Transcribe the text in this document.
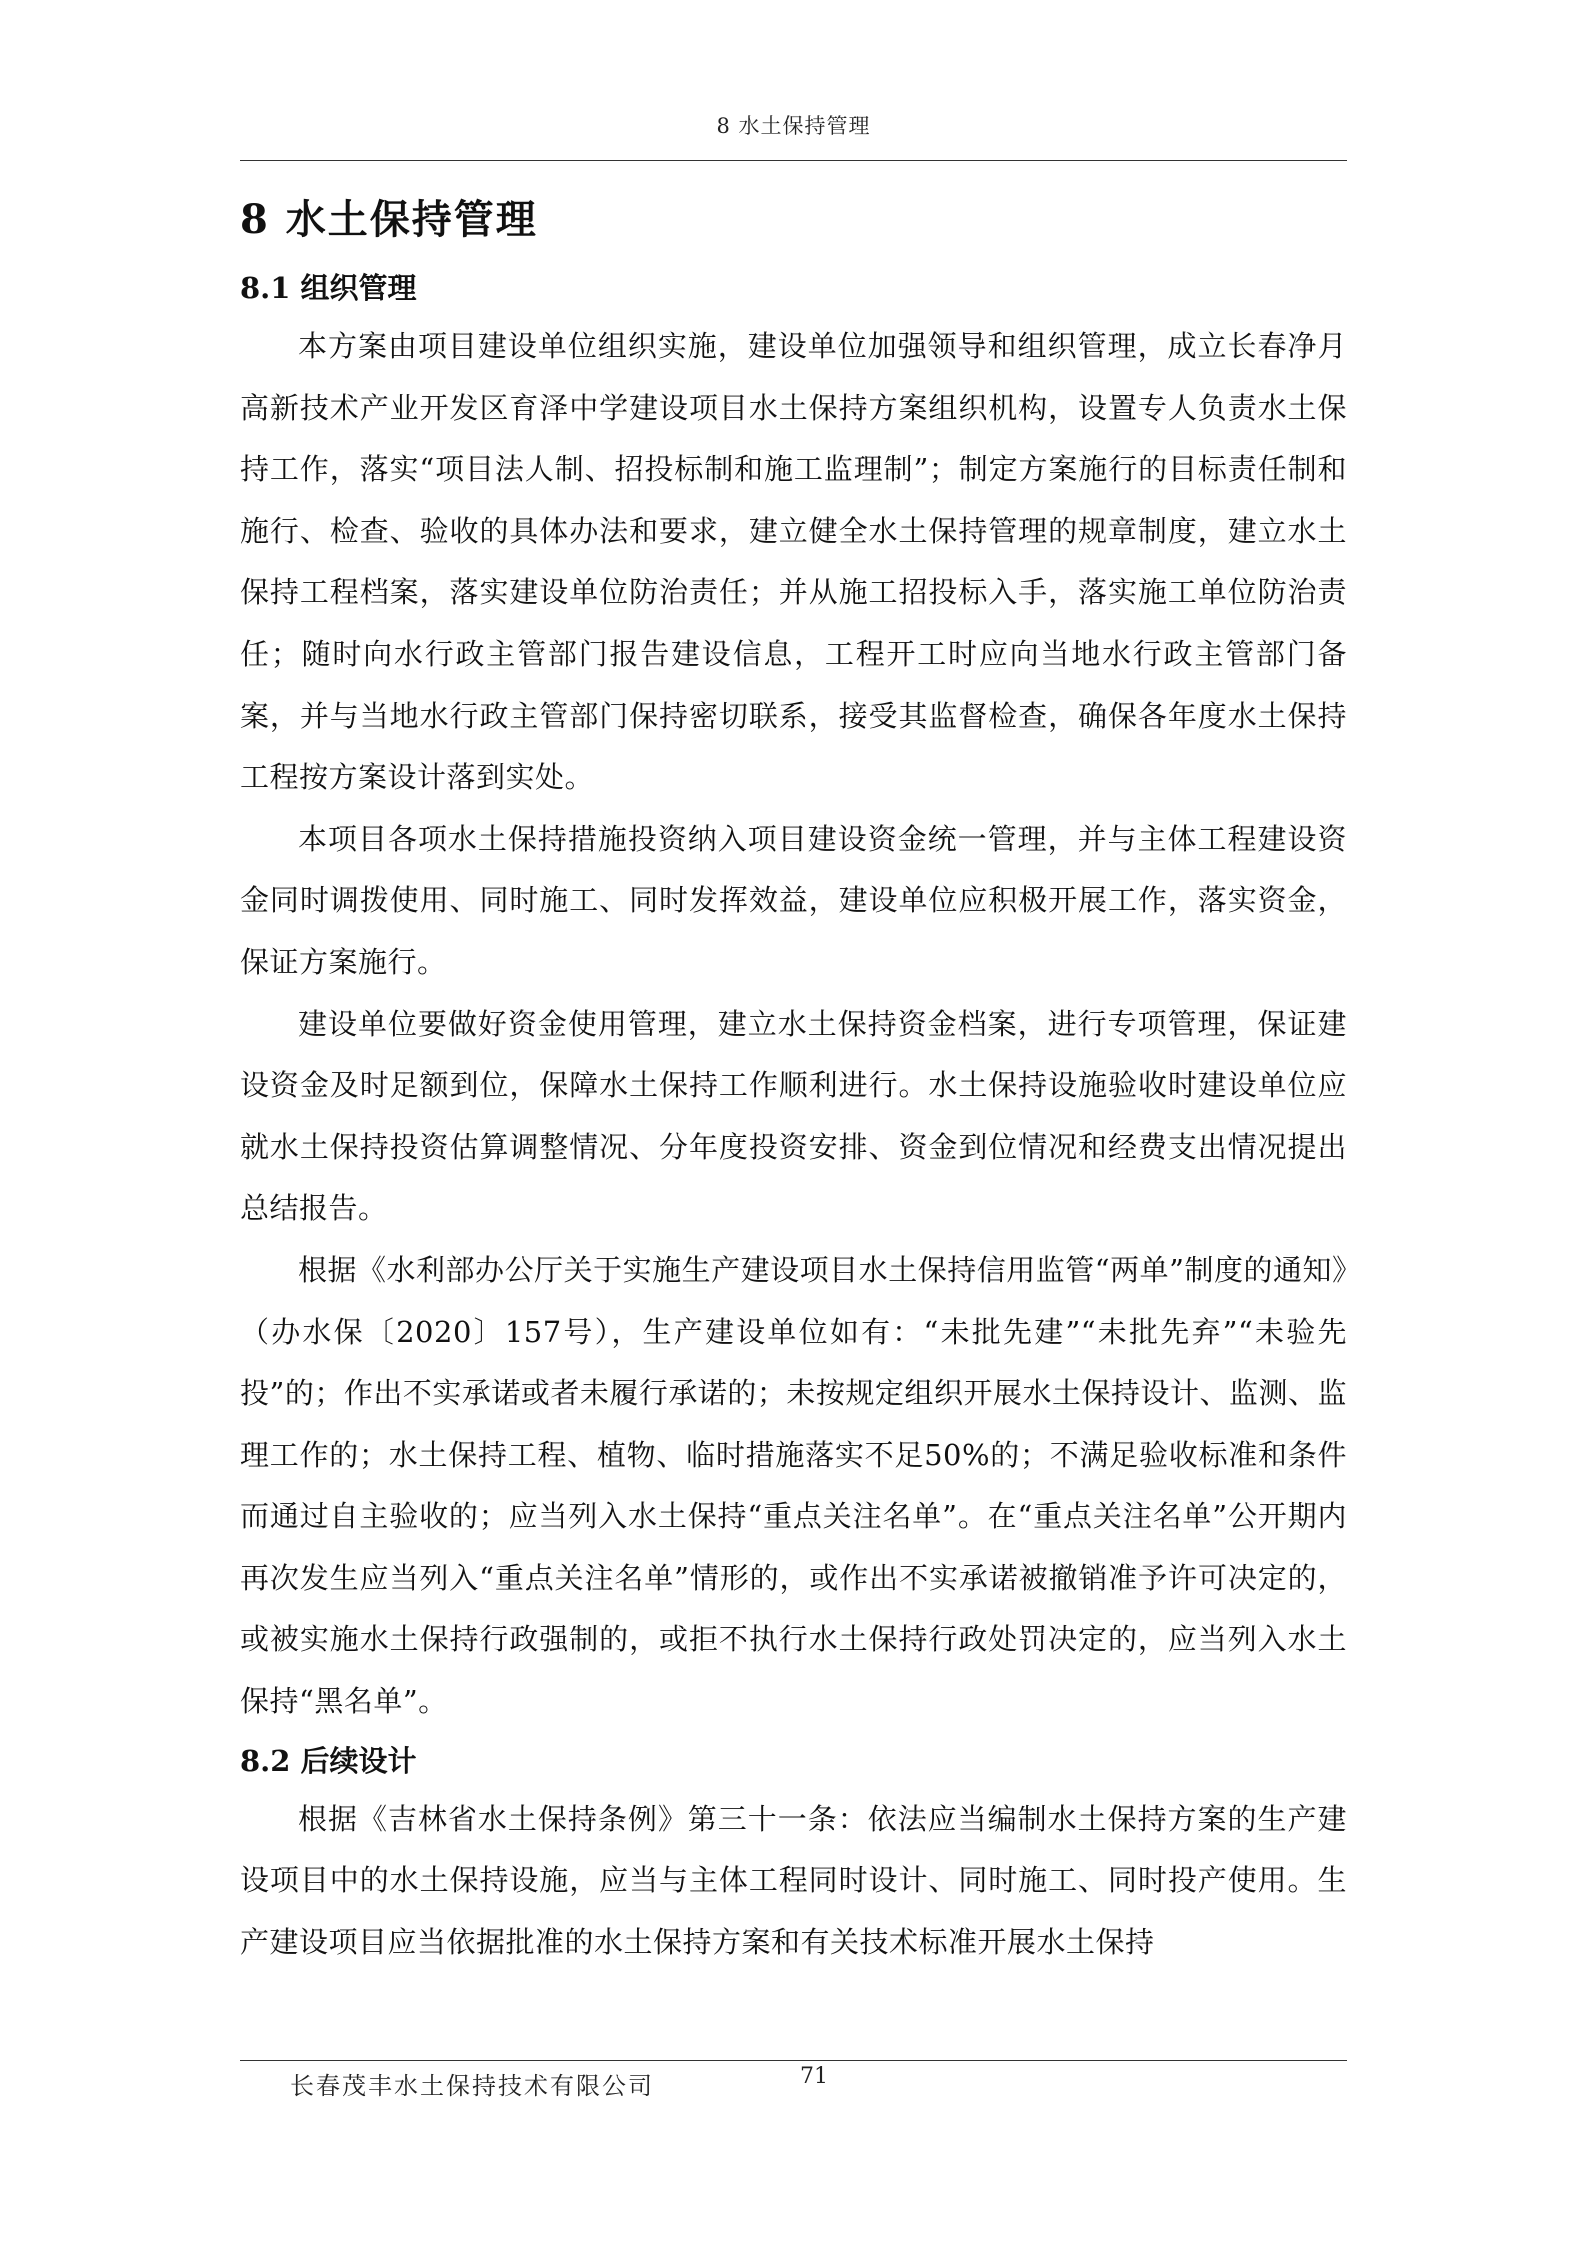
8 水土保持管理
8 水土保持管理
8.1 组织管理

本方案由项目建设单位组织实施，建设单位加强领导和组织管理，成立长春净月高新技术产业开发区育泽中学建设项目水土保持方案组织机构，设置专人负责水土保持工作，落实“项目法人制、招投标制和施工监理制”；制定方案施行的目标责任制和施行、检查、验收的具体办法和要求，建立健全水土保持管理的规章制度，建立水土保持工程档案，落实建设单位防治责任；并从施工招投标入手，落实施工单位防治责任；随时向水行政主管部门报告建设信息，工程开工时应向当地水行政主管部门备案，并与当地水行政主管部门保持密切联系，接受其监督检查，确保各年度水土保持工程按方案设计落到实处。

本项目各项水土保持措施投资纳入项目建设资金统一管理，并与主体工程建设资金同时调拨使用、同时施工、同时发挥效益，建设单位应积极开展工作，落实资金，保证方案施行。

建设单位要做好资金使用管理，建立水土保持资金档案，进行专项管理，保证建设资金及时足额到位，保障水土保持工作顺利进行。水土保持设施验收时建设单位应就水土保持投资估算调整情况、分年度投资安排、资金到位情况和经费支出情况提出总结报告。

根据《水利部办公厅关于实施生产建设项目水土保持信用监管“两单”制度的通知》（办水保〔2020〕157号），生产建设单位如有：“未批先建”“未批先弃”“未验先投”的；作出不实承诺或者未履行承诺的；未按规定组织开展水土保持设计、监测、监理工作的；水土保持工程、植物、临时措施落实不足50%的；不满足验收标准和条件而通过自主验收的；应当列入水土保持“重点关注名单”。在“重点关注名单”公开期内再次发生应当列入“重点关注名单”情形的，或作出不实承诺被撤销准予许可决定的，或被实施水土保持行政强制的，或拒不执行水土保持行政处罚决定的，应当列入水土保持“黑名单”。

8.2 后续设计

根据《吉林省水土保持条例》第三十一条：依法应当编制水土保持方案的生产建设项目中的水土保持设施，应当与主体工程同时设计、同时施工、同时投产使用。生产建设项目应当依据批准的水土保持方案和有关技术标准开展水土保持

长春茂丰水土保持技术有限公司	71
